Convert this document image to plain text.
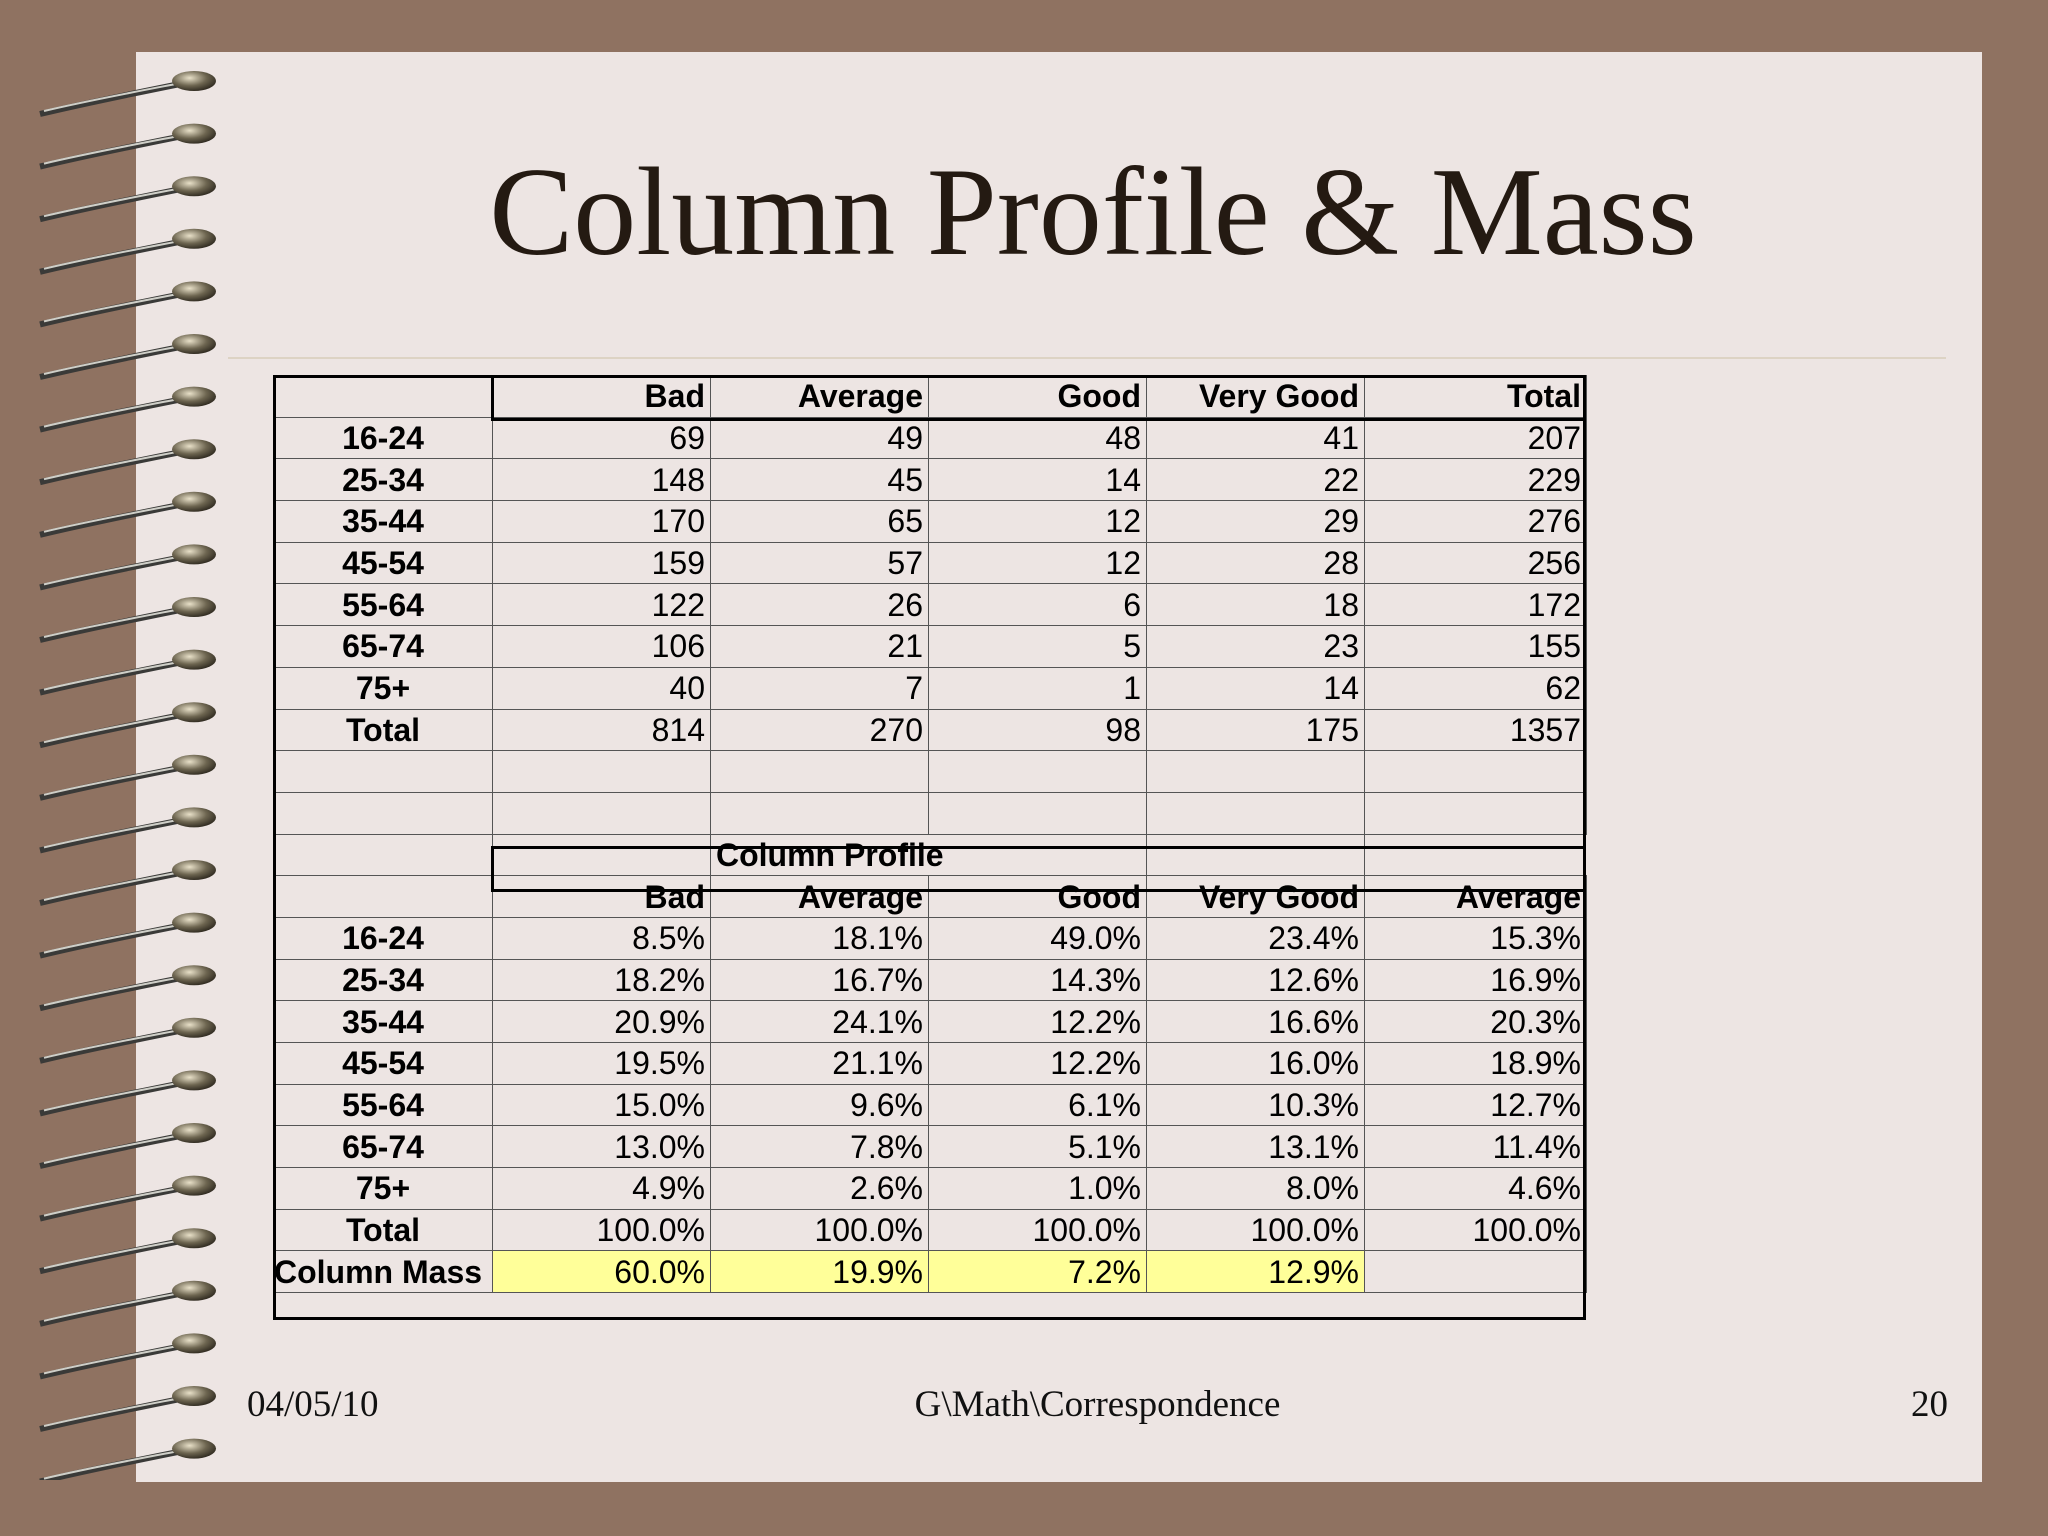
Column Profile & Mass
	Bad	Average	Good	Very Good	Total
16-24	69	49	48	41	207
25-34	148	45	14	22	229
35-44	170	65	12	29	276
45-54	159	57	12	28	256
55-64	122	26	6	18	172
65-74	106	21	5	23	155
75+	40	7	1	14	62
Total	814	270	98	175	1357

		Column Profile			
	Bad	Average	Good	Very Good	Average
16-24	8.5%	18.1%	49.0%	23.4%	15.3%
25-34	18.2%	16.7%	14.3%	12.6%	16.9%
35-44	20.9%	24.1%	12.2%	16.6%	20.3%
45-54	19.5%	21.1%	12.2%	16.0%	18.9%
55-64	15.0%	9.6%	6.1%	10.3%	12.7%
65-74	13.0%	7.8%	5.1%	13.1%	11.4%
75+	4.9%	2.6%	1.0%	8.0%	4.6%
Total	100.0%	100.0%	100.0%	100.0%	100.0%
Column Mass	60.0%	19.9%	7.2%	12.9%	
04/05/10	G\Math\Correspondence	20
